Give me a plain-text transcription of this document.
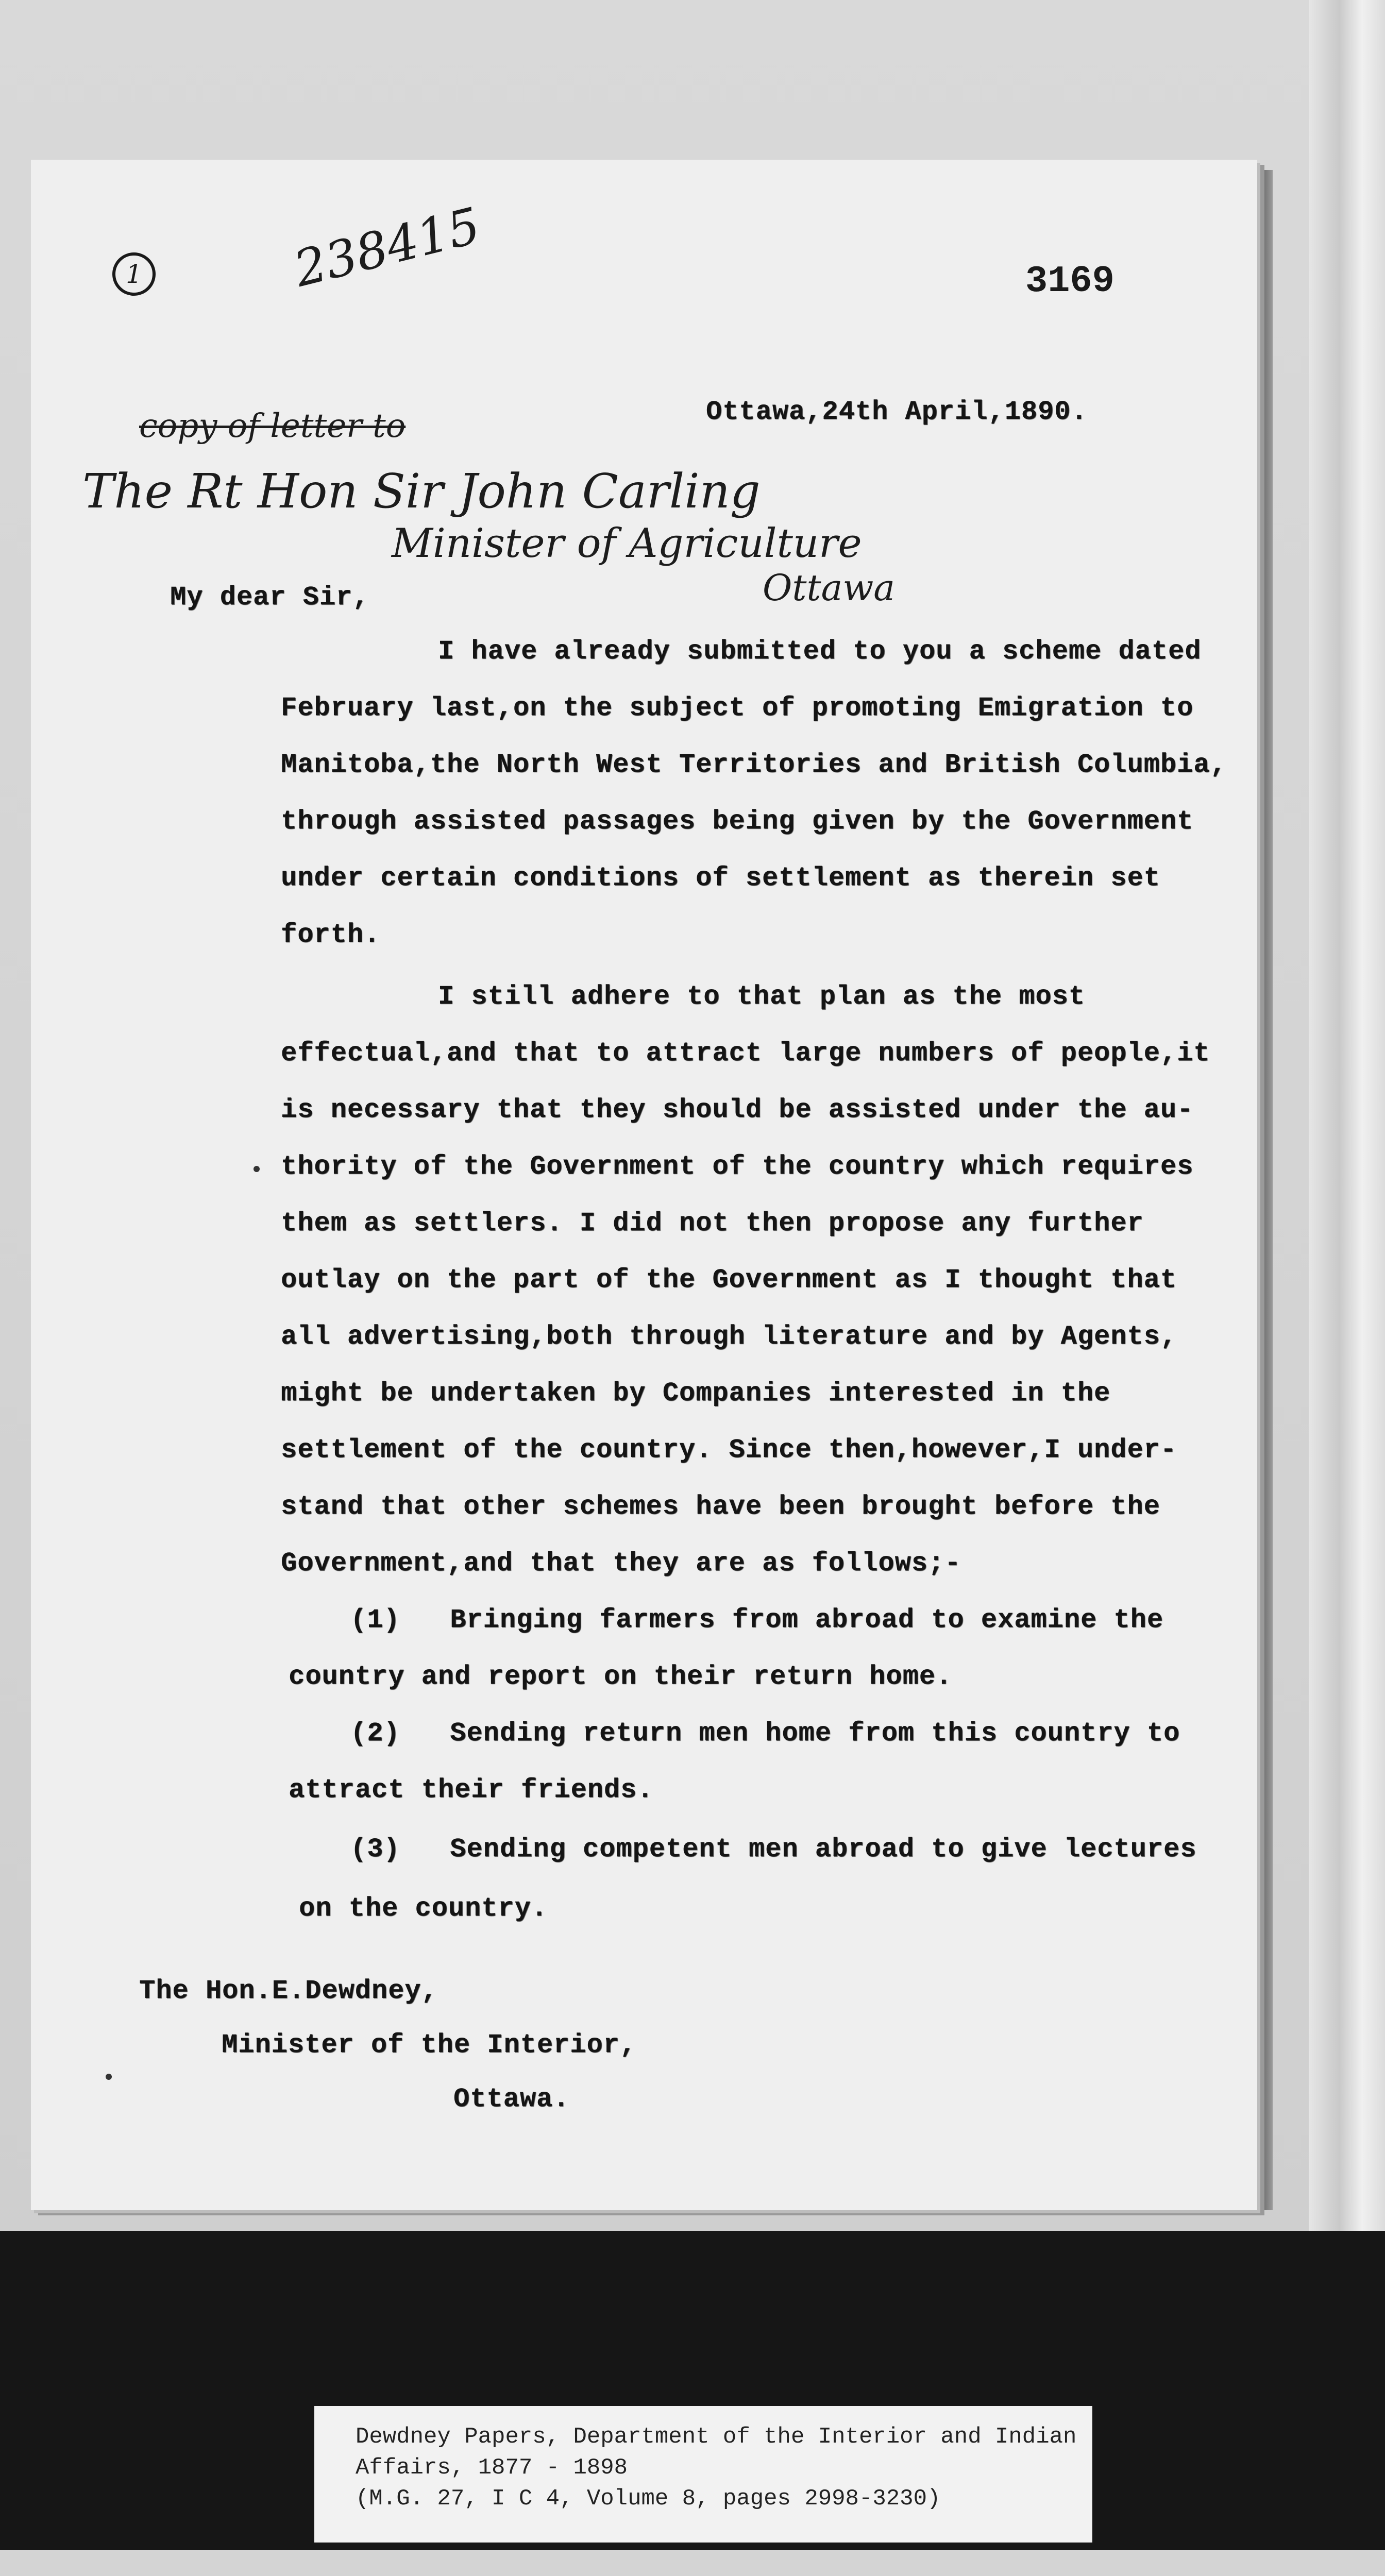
1	238415	3169
Ottawa,24th April,1890.
copy of letter to
The Rt Hon Sir John Carling
Minister of Agriculture
Ottawa
My dear Sir,
I have already submitted to you a scheme dated
February last,on the subject of promoting Emigration to
Manitoba,the North West Territories and British Columbia,
through assisted passages being given by the Government
under certain conditions of settlement as therein set
forth.
I still adhere to that plan as the most
effectual,and that to attract large numbers of people,it
is necessary that they should be assisted under the au-
thority of the Government of the country which requires
them as settlers. I did not then propose any further
outlay on the part of the Government as I thought that
all advertising,both through literature and by Agents,
might be undertaken by Companies interested in the
settlement of the country. Since then,however,I under-
stand that other schemes have been brought before the
Government,and that they are as follows;-
(1)   Bringing farmers from abroad to examine the
country and report on their return home.
(2)   Sending return men home from this country to
attract their friends.
(3)   Sending competent men abroad to give lectures
on the country.
The Hon.E.Dewdney,
Minister of the Interior,
Ottawa.
Dewdney Papers, Department of the Interior and Indian
Affairs, 1877 - 1898
(M.G. 27, I C 4, Volume 8, pages 2998-3230)
